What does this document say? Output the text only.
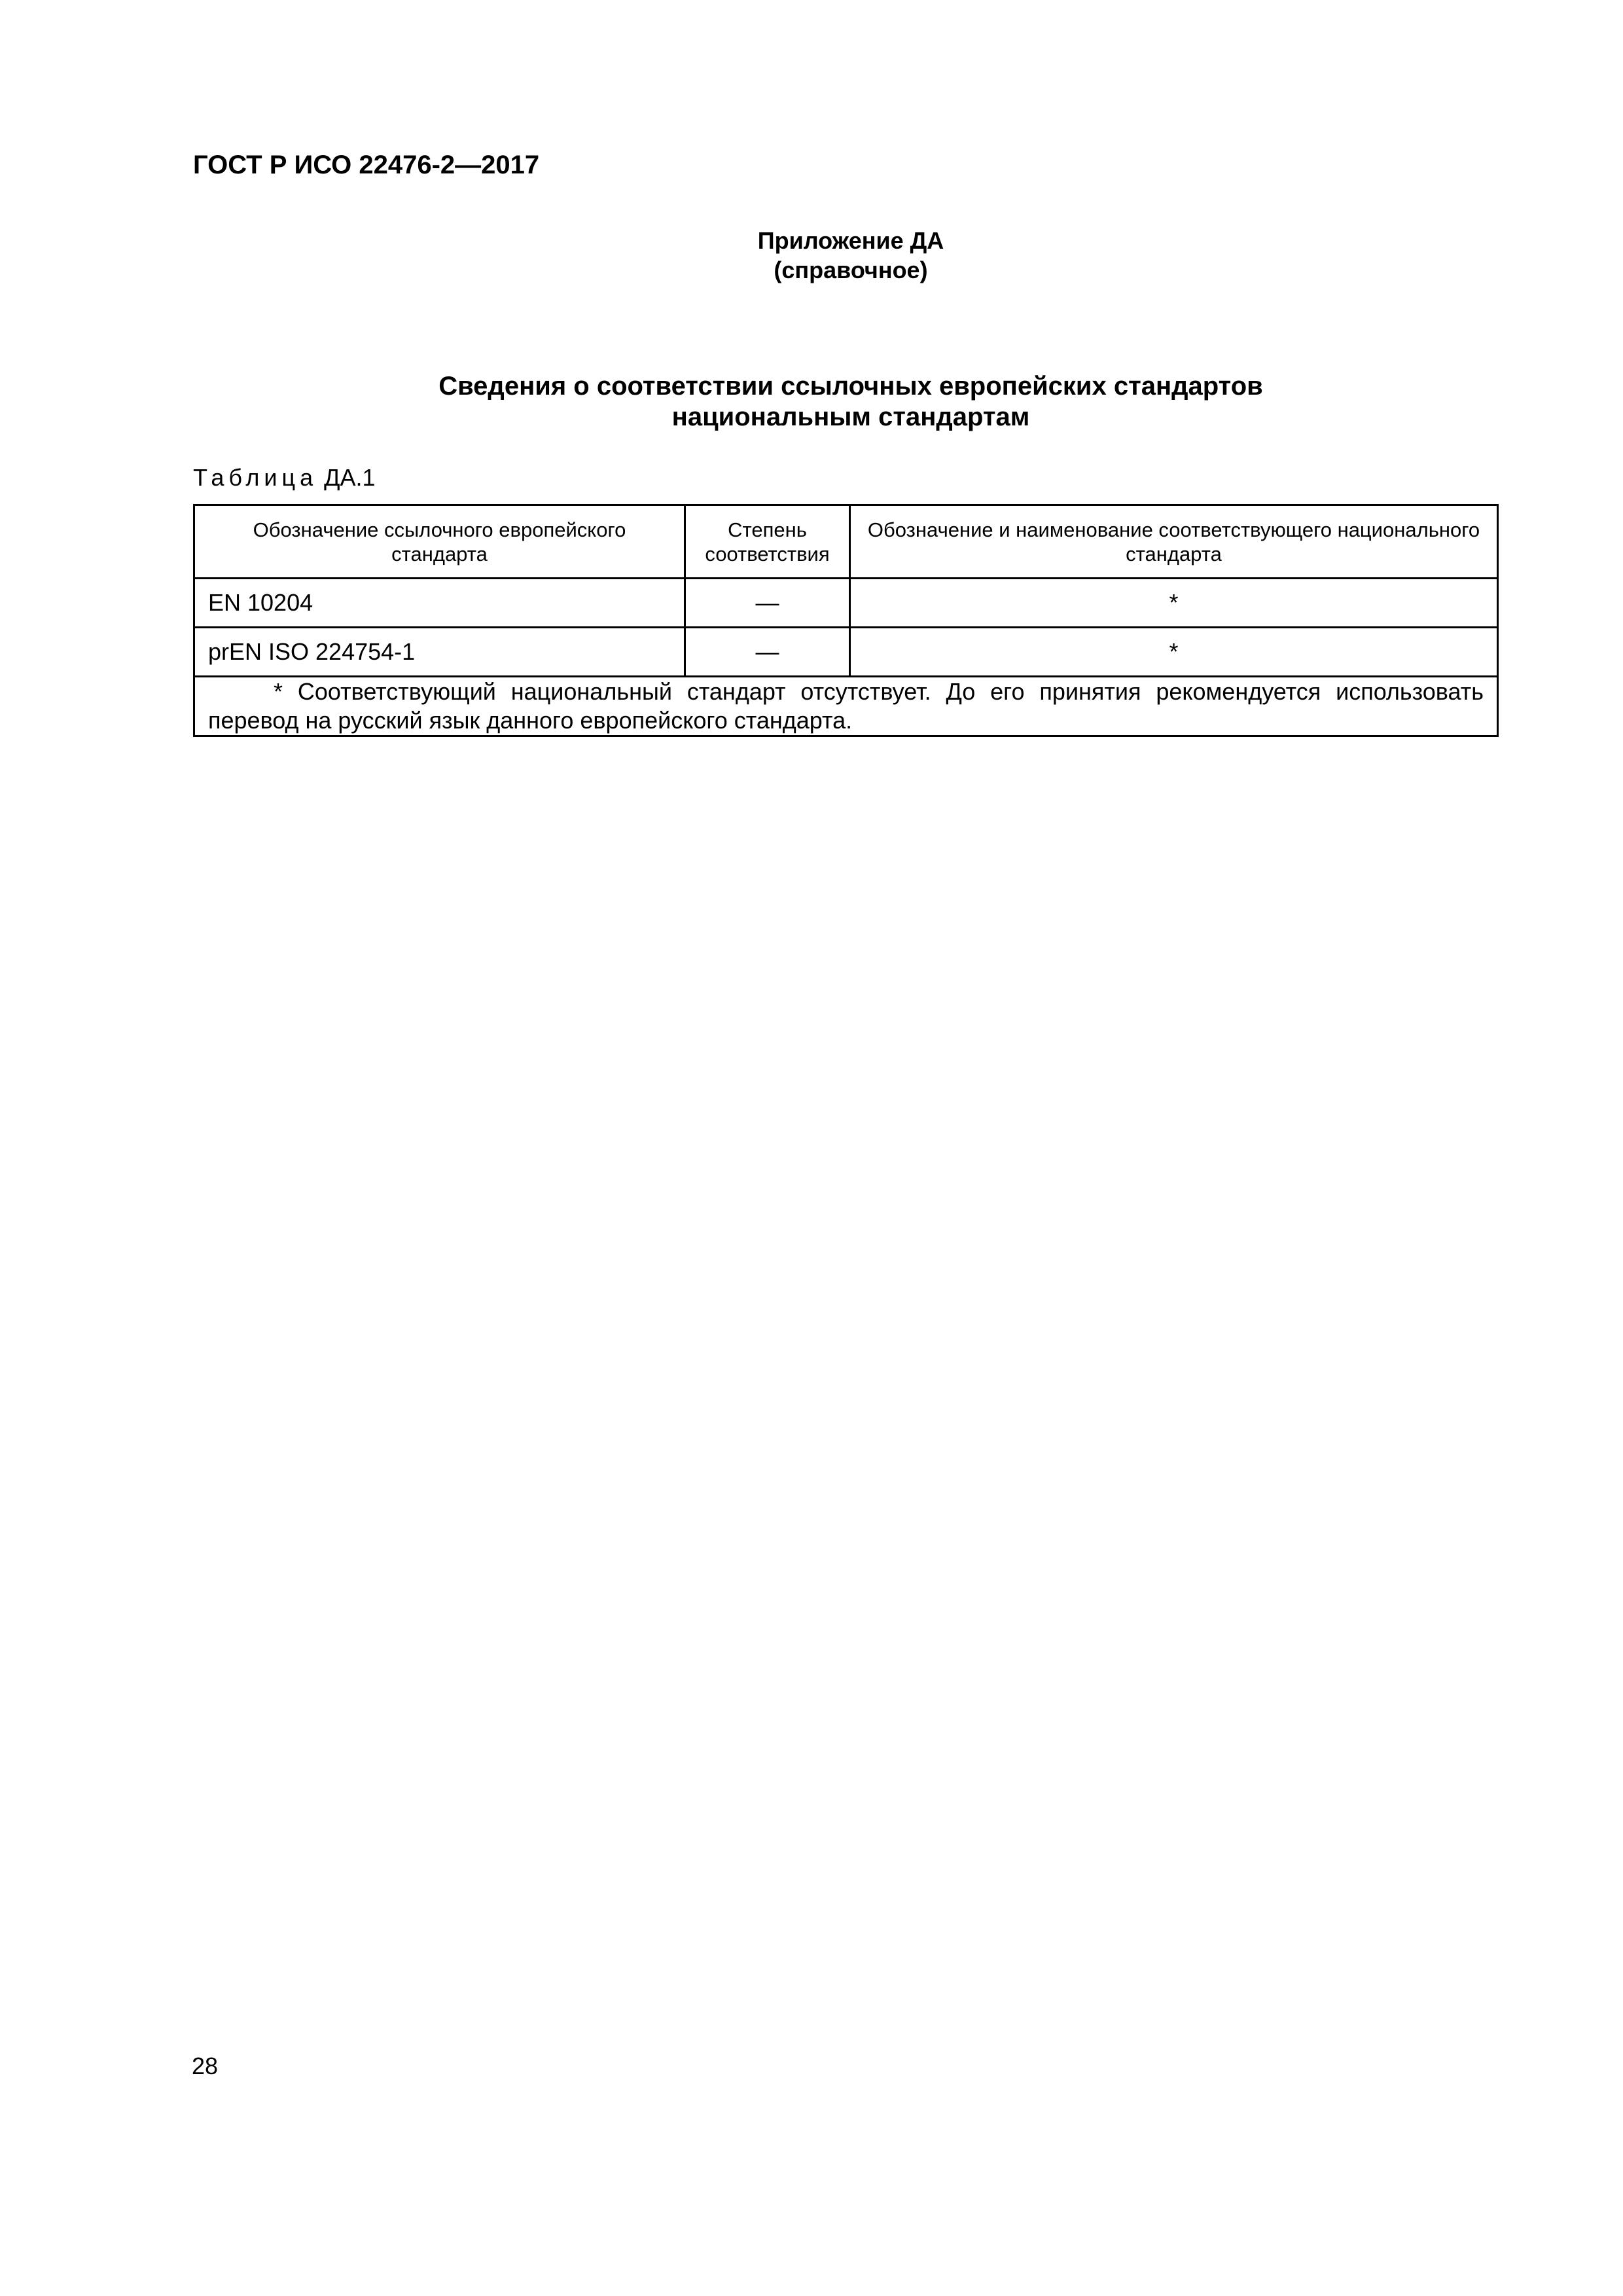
ГОСТ Р ИСО 22476-2—2017
Приложение ДА
(справочное)
Сведения о соответствии ссылочных европейских стандартов
национальным стандартам
Таблица ДА.1
Обозначение ссылочного европейского стандарта	Степень соответствия	Обозначение и наименование соответствующего национального стандарта
EN 10204	—	*
prEN ISO 224754-1	—	*

* Соответствующий национальный стандарт отсутствует. До его принятия рекомендуется использовать перевод на русский язык данного европейского стандарта.		
28
